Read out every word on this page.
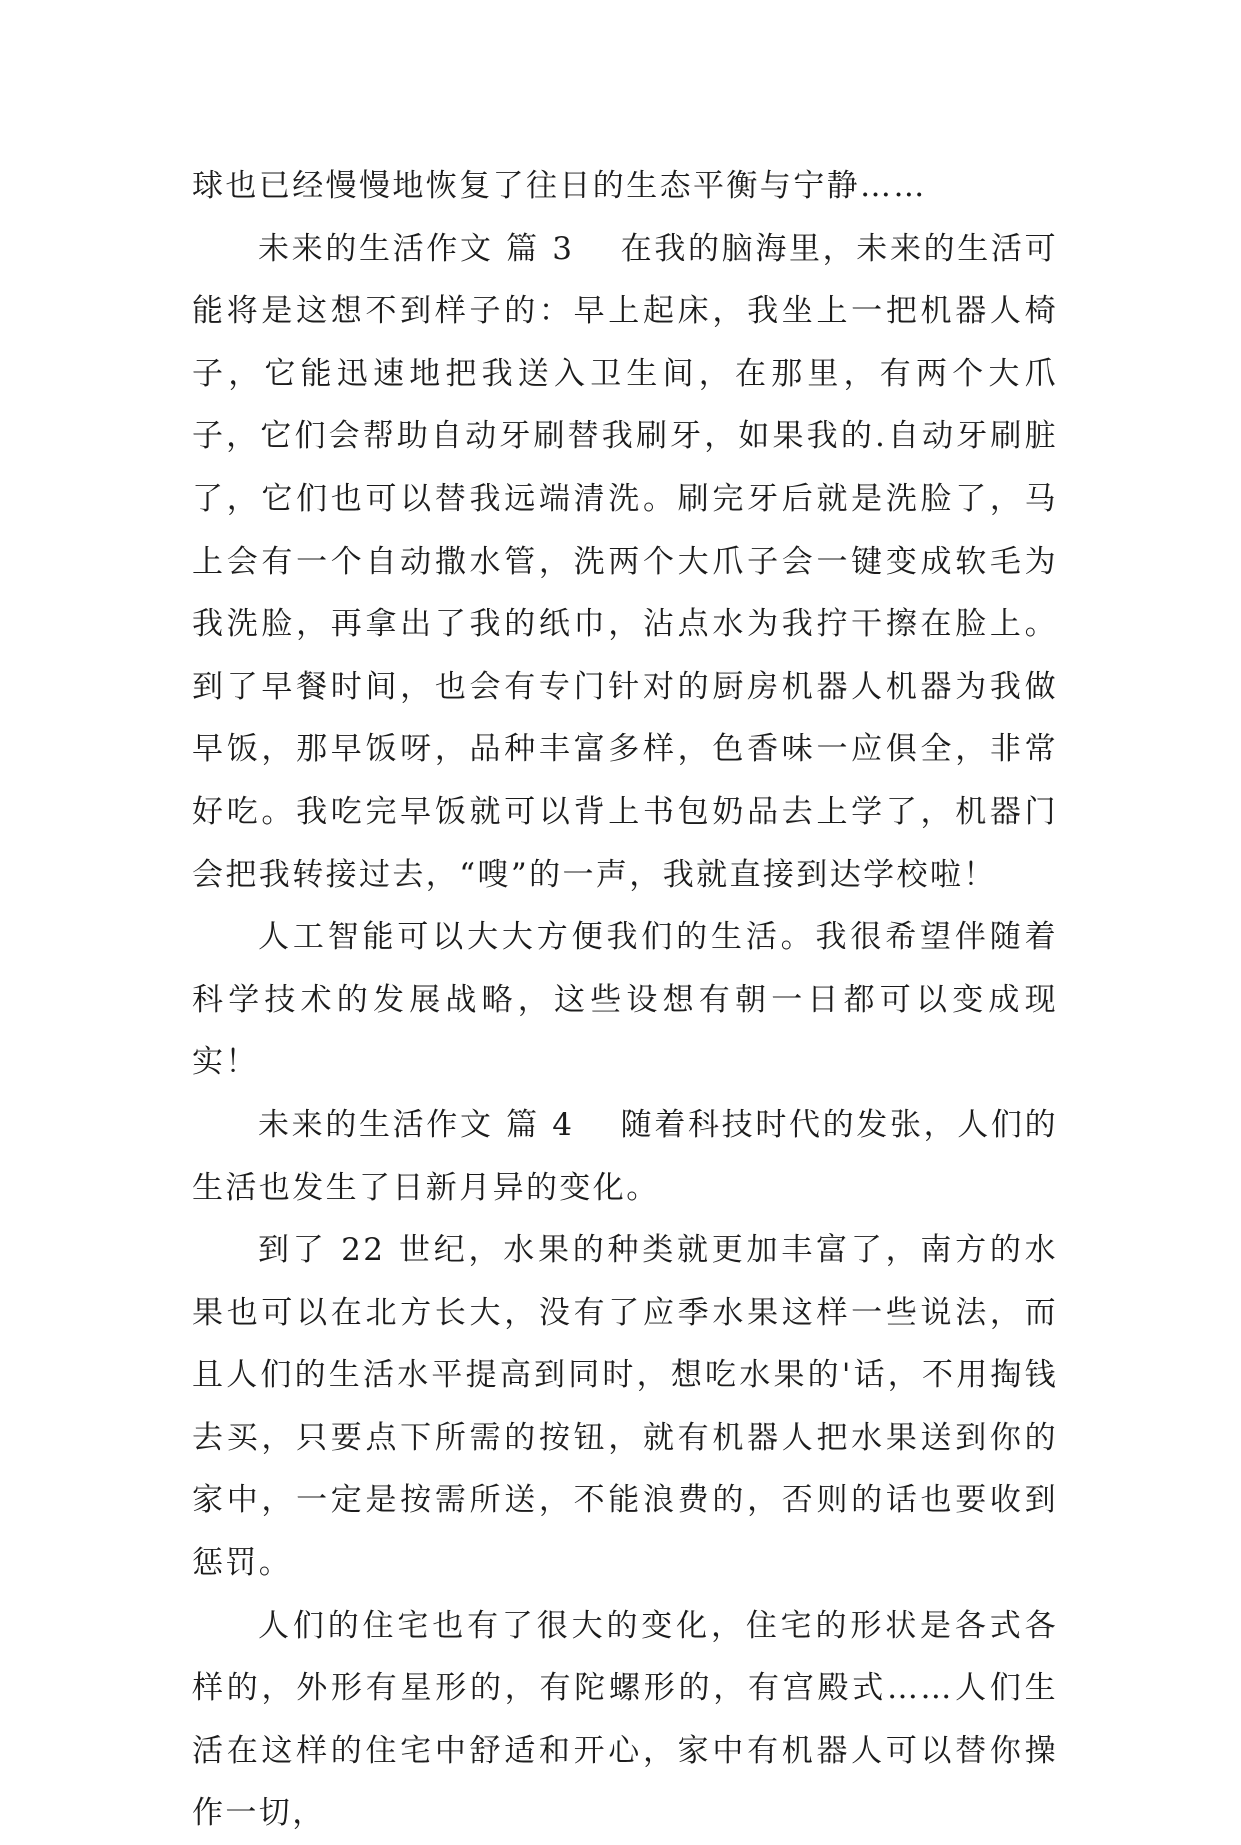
球也已经慢慢地恢复了往日的生态平衡与宁静……

未来的生活作文 篇 3 在我的脑海里，未来的生活可能将是这想不到样子的：早上起床，我坐上一把机器人椅子，它能迅速地把我送入卫生间，在那里，有两个大爪子，它们会帮助自动牙刷替我刷牙，如果我的.自动牙刷脏了，它们也可以替我远端清洗。刷完牙后就是洗脸了，马上会有一个自动撒水管，洗两个大爪子会一键变成软毛为我洗脸，再拿出了我的纸巾，沾点水为我拧干擦在脸上。到了早餐时间，也会有专门针对的厨房机器人机器为我做早饭，那早饭呀，品种丰富多样，色香味一应俱全，非常好吃。我吃完早饭就可以背上书包奶品去上学了，机器门会把我转接过去，“嗖”的一声，我就直接到达学校啦！

人工智能可以大大方便我们的生活。我很希望伴随着科学技术的发展战略，这些设想有朝一日都可以变成现实！

未来的生活作文 篇 4 随着科技时代的发张，人们的生活也发生了日新月异的变化。

到了 22 世纪，水果的种类就更加丰富了，南方的水果也可以在北方长大，没有了应季水果这样一些说法，而且人们的生活水平提高到同时，想吃水果的'话，不用掏钱去买，只要点下所需的按钮，就有机器人把水果送到你的家中，一定是按需所送，不能浪费的，否则的话也要收到惩罚。

人们的住宅也有了很大的变化，住宅的形状是各式各样的，外形有星形的，有陀螺形的，有宫殿式……人们生活在这样的住宅中舒适和开心，家中有机器人可以替你操作一切，
